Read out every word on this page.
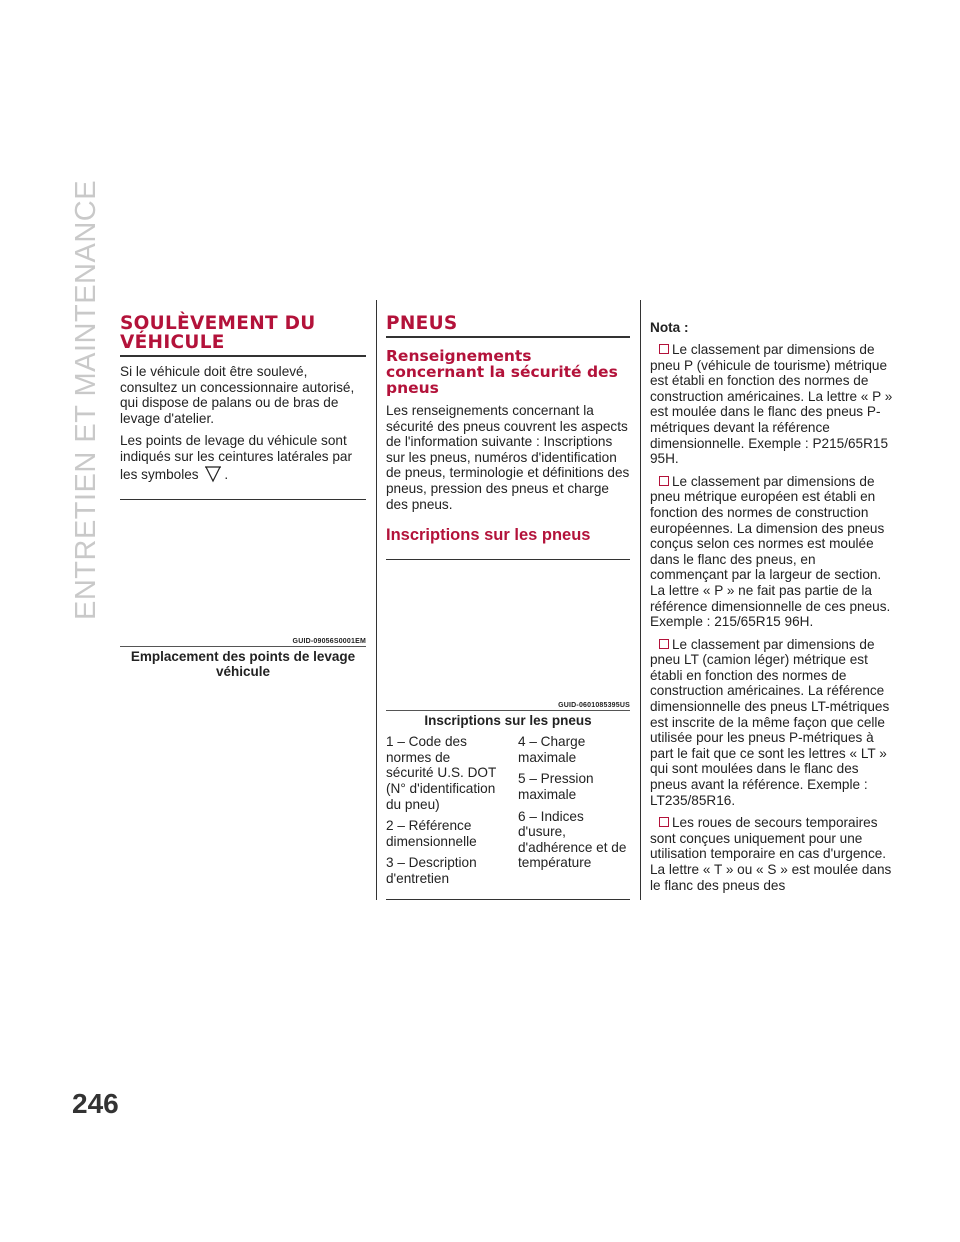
ENTRETIEN ET MAINTENANCE
246
SOULÈVEMENT DU VÉHICULE

Si le véhicule doit être soulevé, consultez un concessionnaire autorisé, qui dispose de palans ou de bras de levage d'atelier.

Les points de levage du véhicule sont indiqués sur les ceintures latérales par les symboles .

GUID-09056S0001EM
Emplacement des points de levage véhicule
PNEUS
Renseignements concernant la sécurité des pneus

Les renseignements concernant la sécurité des pneus couvrent les aspects de l'information suivante : Inscriptions sur les pneus, numéros d'identification de pneus, terminologie et définitions des pneus, pression des pneus et charge des pneus.

Inscriptions sur les pneus
GUID-0601085395US
Inscriptions sur les pneus
1 – Code des normes de sécurité U.S. DOT (N° d'identification du pneu)
2 – Référence dimensionnelle
3 – Description d'entretien
4 – Charge maximale
5 – Pression maximale
6 – Indices d'usure, d'adhérence et de température
Nota :
Le classement par dimensions de pneu P (véhicule de tourisme) métrique est établi en fonction des normes de construction américaines. La lettre « P » est moulée dans le flanc des pneus P-métriques devant la référence dimensionnelle. Exemple : P215/65R15 95H.
Le classement par dimensions de pneu métrique européen est établi en fonction des normes de construction européennes. La dimension des pneus conçus selon ces normes est moulée dans le flanc des pneus, en commençant par la largeur de section. La lettre « P » ne fait pas partie de la référence dimensionnelle de ces pneus. Exemple : 215/65R15 96H.
Le classement par dimensions de pneu LT (camion léger) métrique est établi en fonction des normes de construction américaines. La référence dimensionnelle des pneus LT-métriques est inscrite de la même façon que celle utilisée pour les pneus P-métriques à part le fait que ce sont les lettres « LT » qui sont moulées dans le flanc des pneus avant la référence. Exemple : LT235/85R16.
Les roues de secours temporaires sont conçues uniquement pour une utilisation temporaire en cas d'urgence. La lettre « T » ou « S » est moulée dans le flanc des pneus des
